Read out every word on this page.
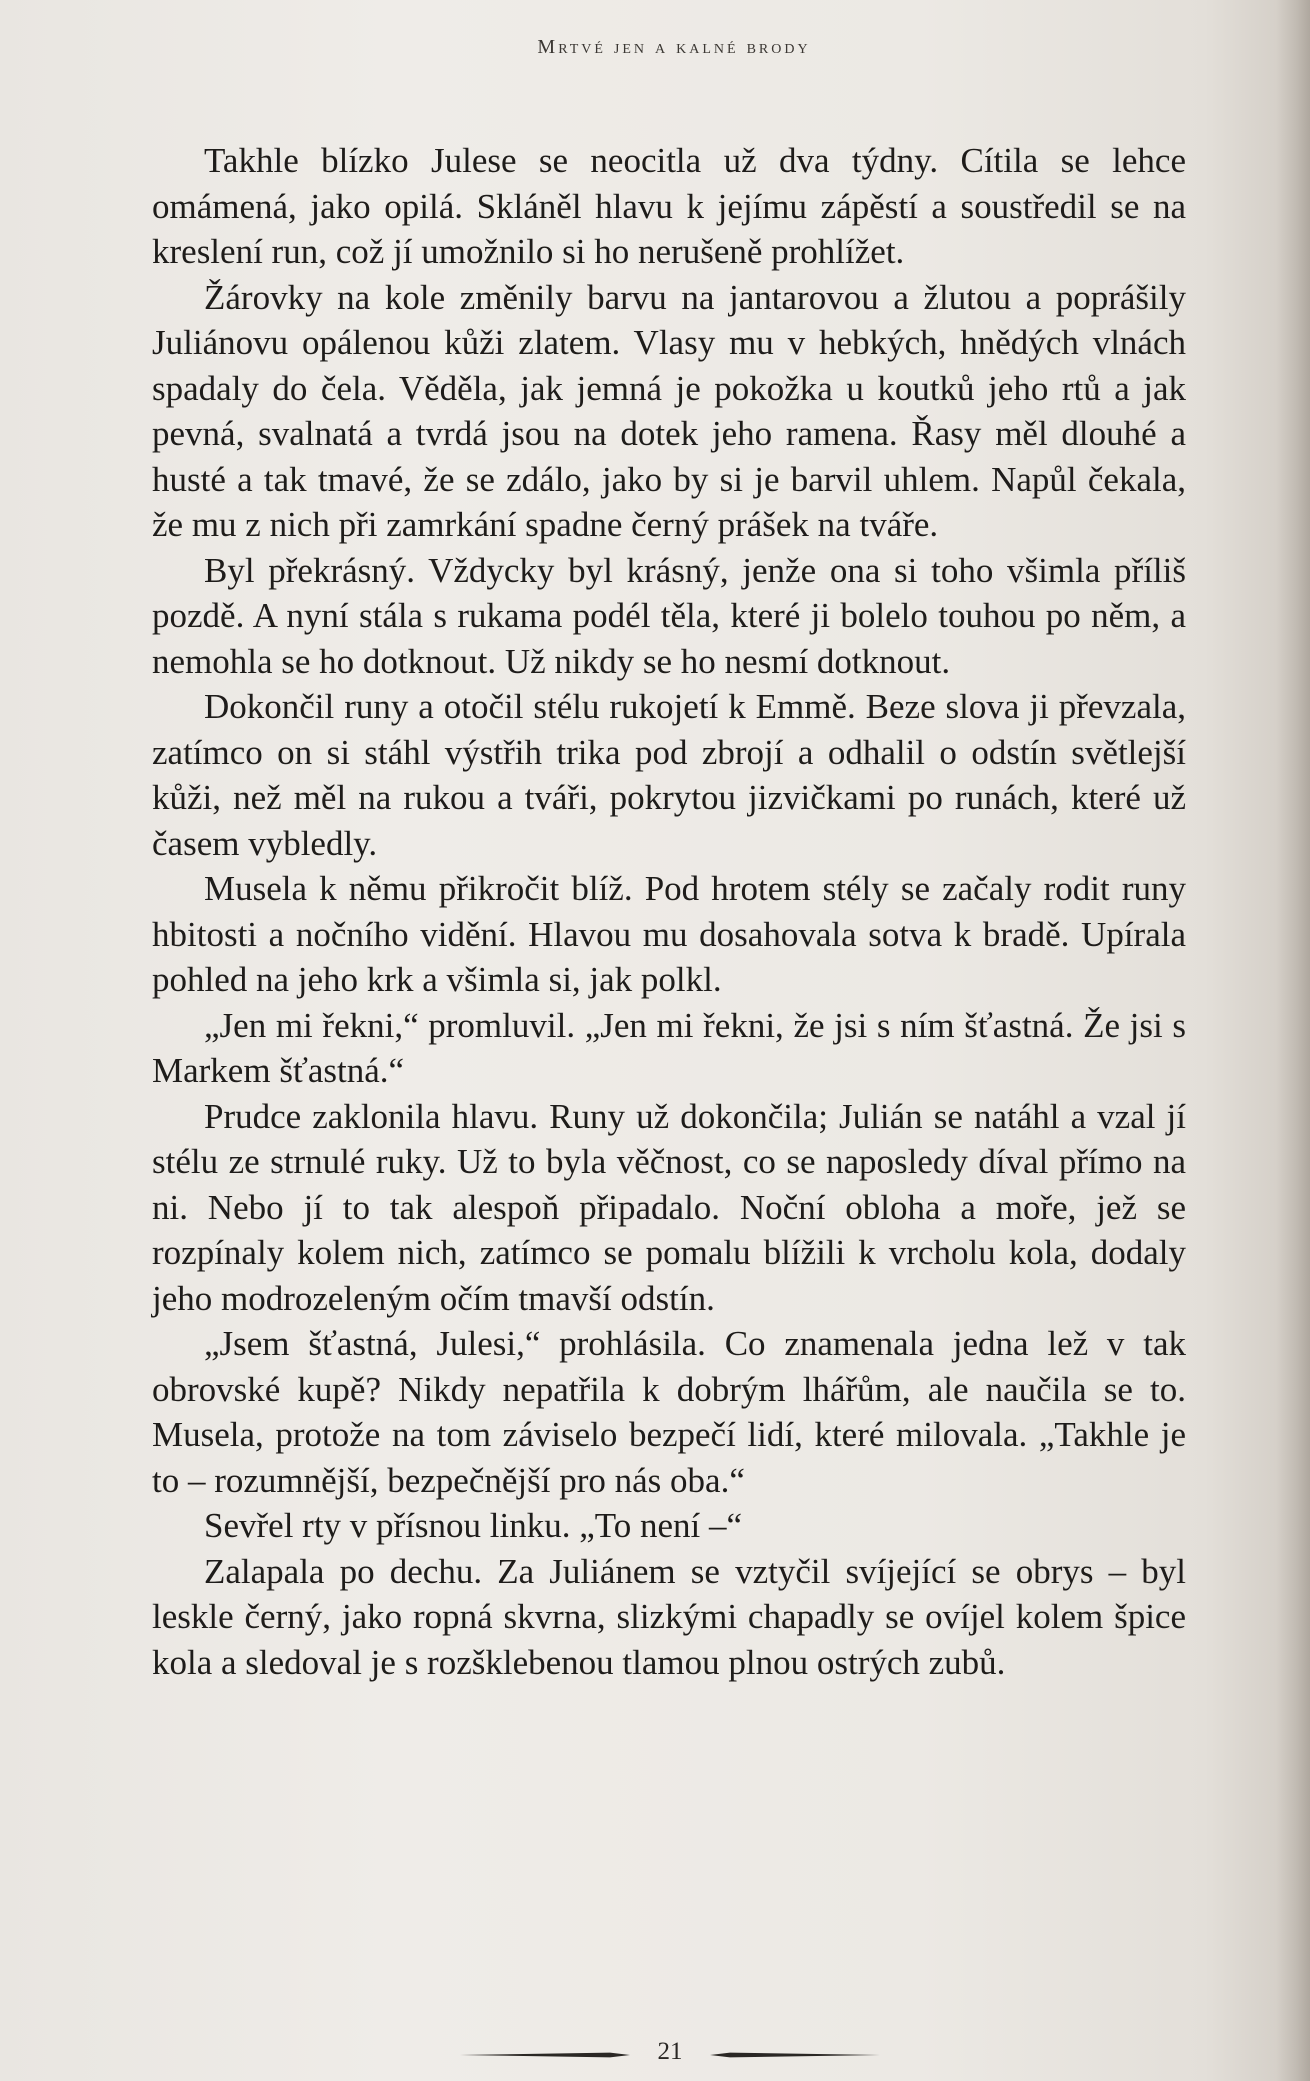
Mrtvé jen a kalné brody

Takhle blízko Julese se neocitla už dva týdny. Cítila se lehce omámená, jako opilá. Skláněl hlavu k jejímu zápěstí a soustředil se na kreslení run, což jí umožnilo si ho nerušeně prohlížet.

Žárovky na kole změnily barvu na jantarovou a žlutou a poprášily Juliánovu opálenou kůži zlatem. Vlasy mu v hebkých, hnědých vlnách spadaly do čela. Věděla, jak jemná je pokožka u koutků jeho rtů a jak pevná, svalnatá a tvrdá jsou na dotek jeho ramena. Řasy měl dlouhé a husté a tak tmavé, že se zdálo, jako by si je barvil uhlem. Napůl čekala, že mu z nich při zamrkání spadne černý prášek na tváře.

Byl překrásný. Vždycky byl krásný, jenže ona si toho všimla příliš pozdě. A nyní stála s rukama podél těla, které ji bolelo touhou po něm, a nemohla se ho dotknout. Už nikdy se ho nesmí dotknout.

Dokončil runy a otočil stélu rukojetí k Emmě. Beze slova ji převzala, zatímco on si stáhl výstřih trika pod zbrojí a odhalil o odstín světlejší kůži, než měl na rukou a tváři, pokrytou jizvičkami po runách, které už časem vybledly.

Musela k němu přikročit blíž. Pod hrotem stély se začaly rodit runy hbitosti a nočního vidění. Hlavou mu dosahovala sotva k bradě. Upírala pohled na jeho krk a všimla si, jak polkl.

„Jen mi řekni,“ promluvil. „Jen mi řekni, že jsi s ním šťastná. Že jsi s Markem šťastná.“

Prudce zaklonila hlavu. Runy už dokončila; Julián se natáhl a vzal jí stélu ze strnulé ruky. Už to byla věčnost, co se naposledy díval přímo na ni. Nebo jí to tak alespoň připadalo. Noční obloha a moře, jež se rozpínaly kolem nich, zatímco se pomalu blížili k vrcholu kola, dodaly jeho modrozeleným očím tmavší odstín.

„Jsem šťastná, Julesi,“ prohlásila. Co znamenala jedna lež v tak obrovské kupě? Nikdy nepatřila k dobrým lhářům, ale naučila se to. Musela, protože na tom záviselo bezpečí lidí, které milovala. „Takhle je to – rozumnější, bezpečnější pro nás oba.“

Sevřel rty v přísnou linku. „To není –“

Zalapala po dechu. Za Juliánem se vztyčil svíjející se obrys – byl leskle černý, jako ropná skvrna, slizkými chapadly se ovíjel kolem špice kola a sledoval je s rozšklebenou tlamou plnou ostrých zubů.

21
